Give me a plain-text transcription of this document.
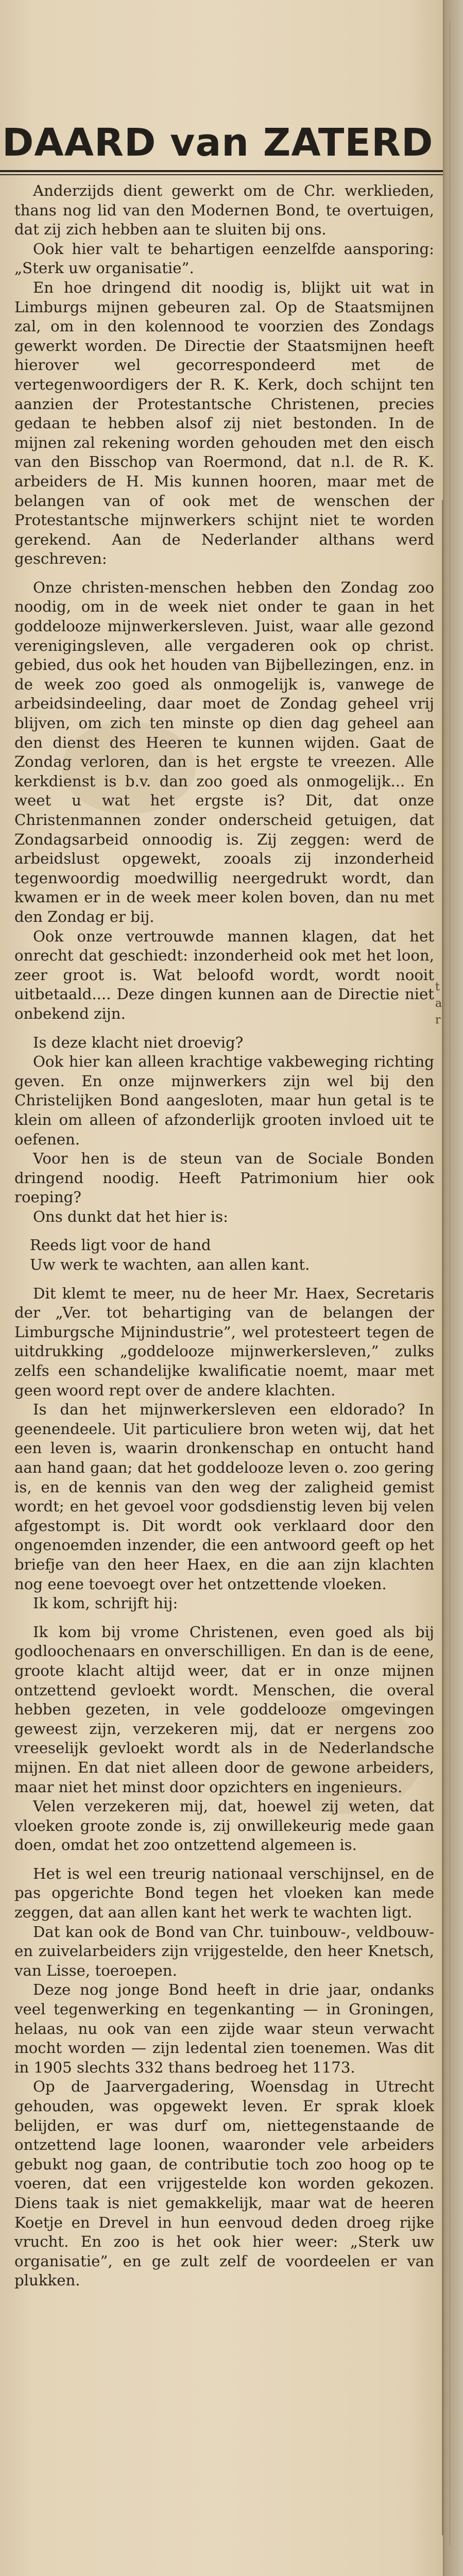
DAARD van ZATERD

Anderzijds dient gewerkt om de Chr. werklieden, thans nog lid van den Modernen Bond, te overtuigen, dat zij zich hebben aan te sluiten bij ons.

Ook hier valt te behartigen eenzelfde aansporing: „Sterk uw organisatie”.

En hoe dringend dit noodig is, blijkt uit wat in Limburgs mijnen gebeuren zal. Op de Staatsmijnen zal, om in den kolennood te voorzien des Zondags gewerkt worden. De Directie der Staatsmijnen heeft hierover wel gecorrespondeerd met de vertegenwoordigers der R. K. Kerk, doch schijnt ten aanzien der Protestantsche Christenen, precies gedaan te hebben alsof zij niet bestonden. In de mijnen zal rekening worden gehouden met den eisch van den Bisschop van Roermond, dat n.l. de R. K. arbeiders de H. Mis kunnen hooren, maar met de belangen van of ook met de wenschen der Protestantsche mijnwerkers schijnt niet te worden gerekend. Aan de Nederlander althans werd geschreven:

Onze christen-menschen hebben den Zondag zoo noodig, om in de week niet onder te gaan in het goddelooze mijnwerkersleven. Juist, waar alle gezond verenigingsleven, alle vergaderen ook op christ. gebied, dus ook het houden van Bijbellezingen, enz. in de week zoo goed als onmogelijk is, vanwege de arbeidsindeeling, daar moet de Zondag geheel vrij blijven, om zich ten minste op dien dag geheel aan den dienst des Heeren te kunnen wijden. Gaat de Zondag verloren, dan is het ergste te vreezen. Alle kerkdienst is b.v. dan zoo goed als onmogelijk... En weet u wat het ergste is? Dit, dat onze Christenmannen zonder onderscheid getuigen, dat Zondagsarbeid onnoodig is. Zij zeggen: werd de arbeidslust opgewekt, zooals zij inzonderheid tegenwoordig moedwillig neergedrukt wordt, dan kwamen er in de week meer kolen boven, dan nu met den Zondag er bij.

Ook onze vertrouwde mannen klagen, dat het onrecht dat geschiedt: inzonderheid ook met het loon, zeer groot is. Wat beloofd wordt, wordt nooit uitbetaald.... Deze dingen kunnen aan de Directie niet onbekend zijn.

Is deze klacht niet droevig?

Ook hier kan alleen krachtige vakbeweging richting geven. En onze mijnwerkers zijn wel bij den Christelijken Bond aangesloten, maar hun getal is te klein om alleen of afzonderlijk grooten invloed uit te oefenen.

Voor hen is de steun van de Sociale Bonden dringend noodig. Heeft Patrimonium hier ook roeping?

Ons dunkt dat het hier is:

Reeds ligt voor de hand

Uw werk te wachten, aan allen kant.

Dit klemt te meer, nu de heer Mr. Haex, Secretaris der „Ver. tot behartiging van de belangen der Limburgsche Mijnindustrie”, wel protesteert tegen de uitdrukking „goddelooze mijnwerkersleven,” zulks zelfs een schandelijke kwalificatie noemt, maar met geen woord rept over de andere klachten.

Is dan het mijnwerkersleven een eldorado? In geenendeele. Uit particuliere bron weten wij, dat het een leven is, waarin dronkenschap en ontucht hand aan hand gaan; dat het goddelooze leven o. zoo gering is, en de kennis van den weg der zaligheid gemist wordt; en het gevoel voor godsdienstig leven bij velen afgestompt is. Dit wordt ook verklaard door den ongenoemden inzender, die een antwoord geeft op het briefje van den heer Haex, en die aan zijn klachten nog eene toevoegt over het ontzettende vloeken.

Ik kom, schrijft hij:

Ik kom bij vrome Christenen, even goed als bij godloochenaars en onverschilligen. En dan is de eene, groote klacht altijd weer, dat er in onze mijnen ontzettend gevloekt wordt. Menschen, die overal hebben gezeten, in vele goddelooze omgevingen geweest zijn, verzekeren mij, dat er nergens zoo vreeselijk gevloekt wordt als in de Nederlandsche mijnen. En dat niet alleen door de gewone arbeiders, maar niet het minst door opzichters en ingenieurs.

Velen verzekeren mij, dat, hoewel zij weten, dat vloeken groote zonde is, zij onwillekeurig mede gaan doen, omdat het zoo ontzettend algemeen is.

Het is wel een treurig nationaal verschijnsel, en de pas opgerichte Bond tegen het vloeken kan mede zeggen, dat aan allen kant het werk te wachten ligt.

Dat kan ook de Bond van Chr. tuinbouw-, veldbouw- en zuivelarbeiders zijn vrijgestelde, den heer Knetsch, van Lisse, toeroepen.

Deze nog jonge Bond heeft in drie jaar, ondanks veel tegenwerking en tegenkanting — in Groningen, helaas, nu ook van een zijde waar steun verwacht mocht worden — zijn ledental zien toenemen. Was dit in 1905 slechts 332 thans bedroeg het 1173.

Op de Jaarvergadering, Woensdag in Utrecht gehouden, was opgewekt leven. Er sprak kloek belijden, er was durf om, niettegenstaande de ontzettend lage loonen, waaronder vele arbeiders gebukt nog gaan, de contributie toch zoo hoog op te voeren, dat een vrijgestelde kon worden gekozen. Diens taak is niet gemakkelijk, maar wat de heeren Koetje en Drevel in hun eenvoud deden droeg rijke vrucht. En zoo is het ook hier weer: „Sterk uw organisatie”, en ge zult zelf de voordeelen er van plukken.

t a r
